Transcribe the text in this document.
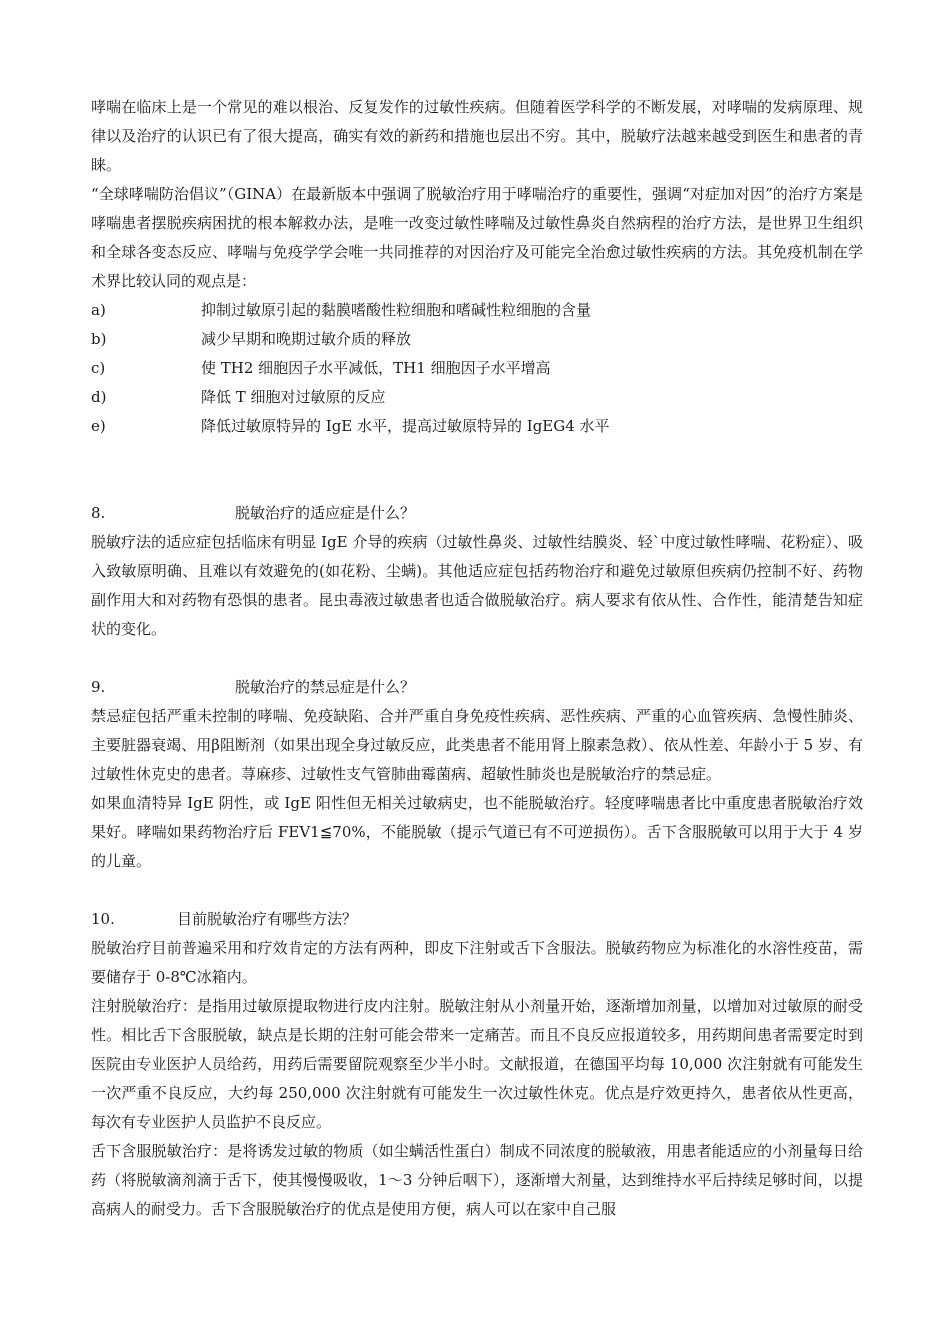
哮喘在临床上是一个常见的难以根治、反复发作的过敏性疾病。但随着医学科学的不断发展，对哮喘的发病原理、规律以及治疗的认识已有了很大提高，确实有效的新药和措施也层出不穷。其中，脱敏疗法越来越受到医生和患者的青睐。

“全球哮喘防治倡议”（GINA）在最新版本中强调了脱敏治疗用于哮喘治疗的重要性，强调“对症加对因”的治疗方案是哮喘患者摆脱疾病困扰的根本解救办法，是唯一改变过敏性哮喘及过敏性鼻炎自然病程的治疗方法，是世界卫生组织和全球各变态反应、哮喘与免疫学学会唯一共同推荐的对因治疗及可能完全治愈过敏性疾病的方法。其免疫机制在学术界比较认同的观点是：

a)	抑制过敏原引起的黏膜嗜酸性粒细胞和嗜碱性粒细胞的含量
b)	减少早期和晚期过敏介质的释放
c)	使 TH2 细胞因子水平减低，TH1 细胞因子水平增高
d)	降低 T 细胞对过敏原的反应
e)	降低过敏原特异的 IgE 水平，提高过敏原特异的 IgEG4 水平
8.	脱敏治疗的适应症是什么？

脱敏疗法的适应症包括临床有明显 IgE 介导的疾病（过敏性鼻炎、过敏性结膜炎、轻`中度过敏性哮喘、花粉症）、吸入致敏原明确、且难以有效避免的(如花粉、尘螨)。其他适应症包括药物治疗和避免过敏原但疾病仍控制不好、药物副作用大和对药物有恐惧的患者。昆虫毒液过敏患者也适合做脱敏治疗。病人要求有依从性、合作性，能清楚告知症状的变化。

9.	脱敏治疗的禁忌症是什么？

禁忌症包括严重未控制的哮喘、免疫缺陷、合并严重自身免疫性疾病、恶性疾病、严重的心血管疾病、急慢性肺炎、主要脏器衰竭、用β阻断剂（如果出现全身过敏反应，此类患者不能用肾上腺素急救）、依从性差、年龄小于 5 岁、有过敏性休克史的患者。荨麻疹、过敏性支气管肺曲霉菌病、超敏性肺炎也是脱敏治疗的禁忌症。

如果血清特异 IgE 阴性，或 IgE 阳性但无相关过敏病史，也不能脱敏治疗。轻度哮喘患者比中重度患者脱敏治疗效果好。哮喘如果药物治疗后 FEV1≦70%，不能脱敏（提示气道已有不可逆损伤）。舌下含服脱敏可以用于大于 4 岁的儿童。

10.	目前脱敏治疗有哪些方法？

脱敏治疗目前普遍采用和疗效肯定的方法有两种，即皮下注射或舌下含服法。脱敏药物应为标准化的水溶性疫苗，需要储存于 0-8℃冰箱内。

注射脱敏治疗：是指用过敏原提取物进行皮内注射。脱敏注射从小剂量开始，逐渐增加剂量，以增加对过敏原的耐受性。相比舌下含服脱敏，缺点是长期的注射可能会带来一定痛苦。而且不良反应报道较多，用药期间患者需要定时到医院由专业医护人员给药，用药后需要留院观察至少半小时。文献报道，在德国平均每 10,000 次注射就有可能发生一次严重不良反应，大约每 250,000 次注射就有可能发生一次过敏性休克。优点是疗效更持久，患者依从性更高，每次有专业医护人员监护不良反应。

舌下含服脱敏治疗：是将诱发过敏的物质（如尘螨活性蛋白）制成不同浓度的脱敏液，用患者能适应的小剂量每日给药（将脱敏滴剂滴于舌下，使其慢慢吸收，1～3 分钟后咽下），逐渐增大剂量，达到维持水平后持续足够时间，以提高病人的耐受力。舌下含服脱敏治疗的优点是使用方便，病人可以在家中自己服
